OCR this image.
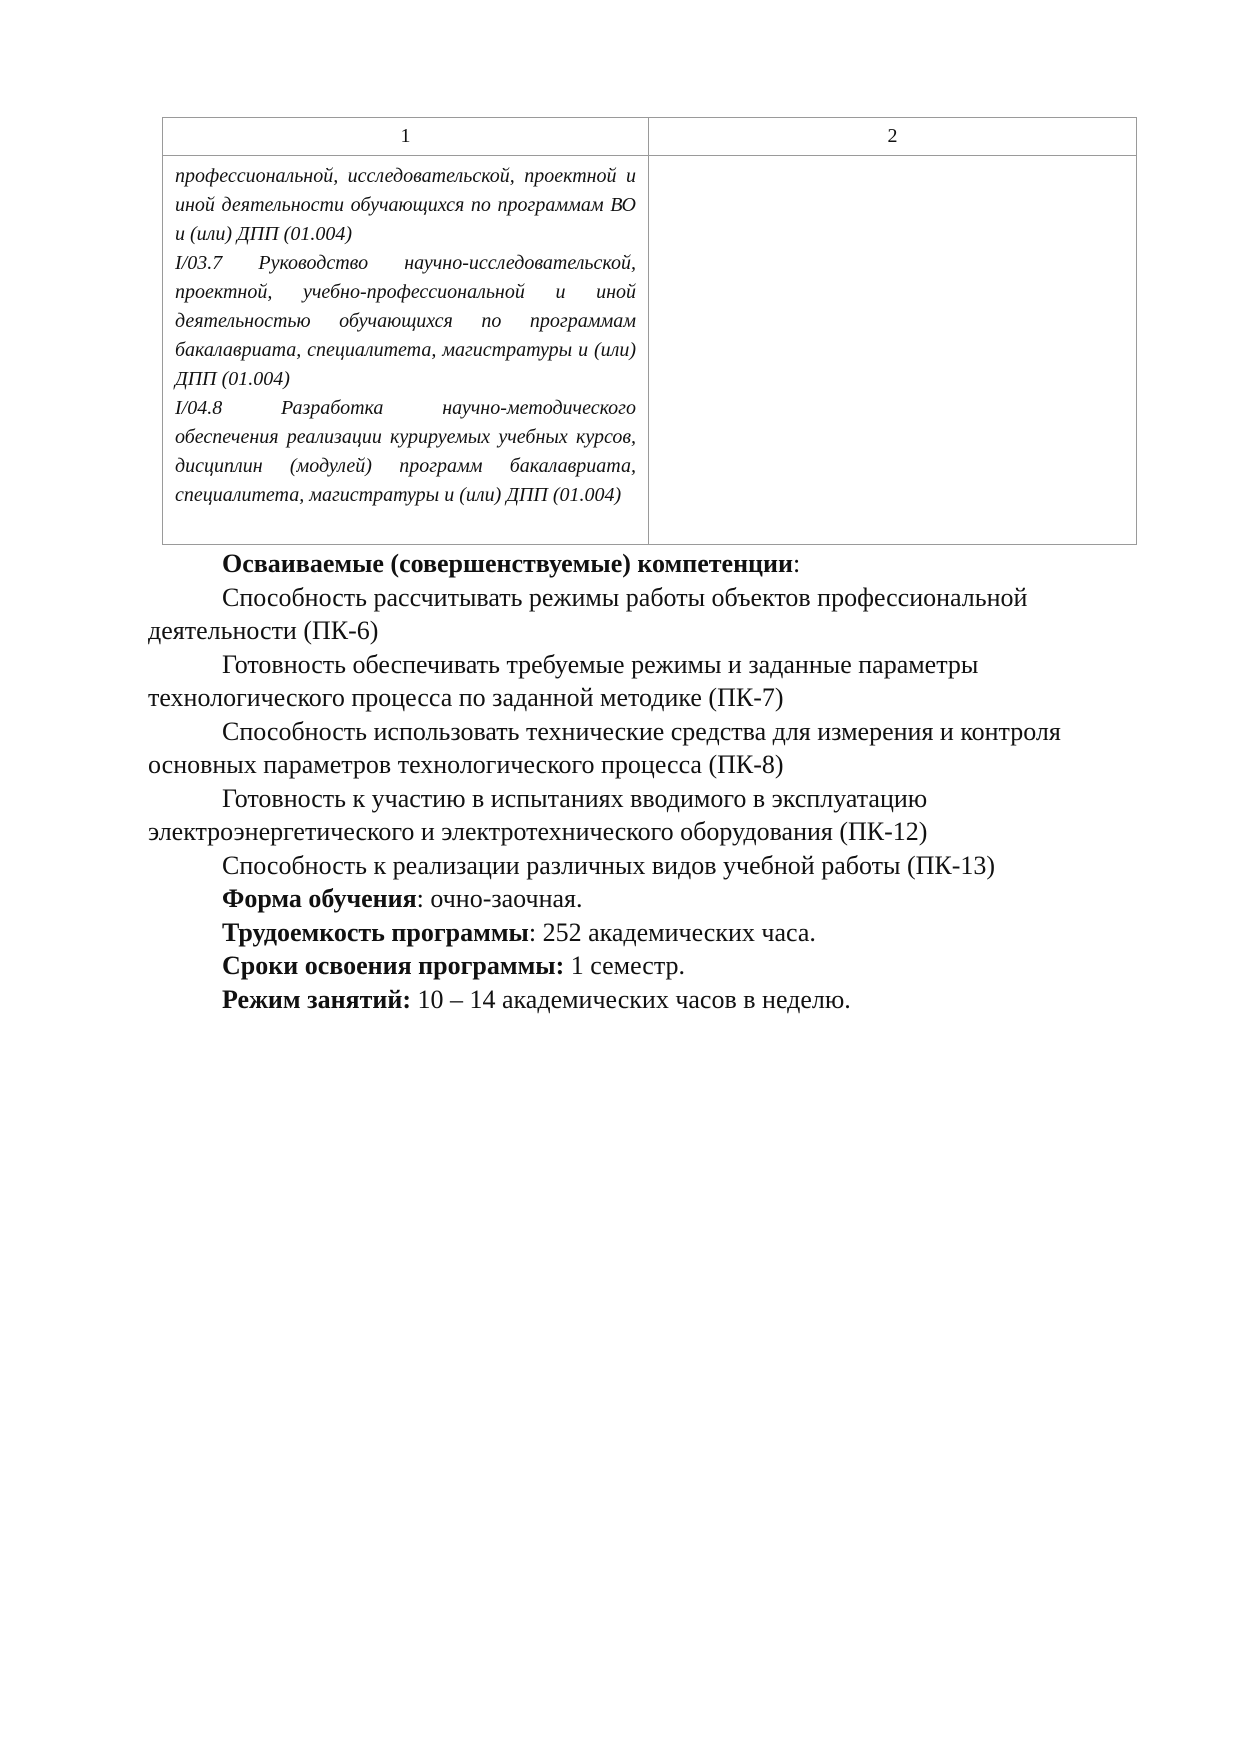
1	2

профессиональной, исследовательской, проектной и иной деятельности обучающихся по программам ВО и (или) ДПП (01.004)

I/03.7 Руководство научно-исследовательской, проектной, учебно-профессиональной и иной деятельностью обучающихся по программам бакалавриата, специалитета, магистратуры и (или) ДПП (01.004)

I/04.8 Разработка научно-методического обеспечения реализации курируемых учебных курсов, дисциплин (модулей) программ бакалавриата, специалитета, магистратуры и (или) ДПП (01.004)	

Осваиваемые (совершенствуемые) компетенции:

Способность рассчитывать режимы работы объектов профессиональной деятельности (ПК-6)

Готовность обеспечивать требуемые режимы и заданные параметры технологического процесса по заданной методике (ПК-7)

Способность использовать технические средства для измерения и контроля основных параметров технологического процесса (ПК-8)

Готовность к участию в испытаниях вводимого в эксплуатацию электроэнергетического и электротехнического оборудования (ПК-12)

Способность к реализации различных видов учебной работы (ПК-13)

Форма обучения: очно-заочная.

Трудоемкость программы: 252 академических часа.

Сроки освоения программы: 1 семестр.

Режим занятий: 10 – 14 академических часов в неделю.
